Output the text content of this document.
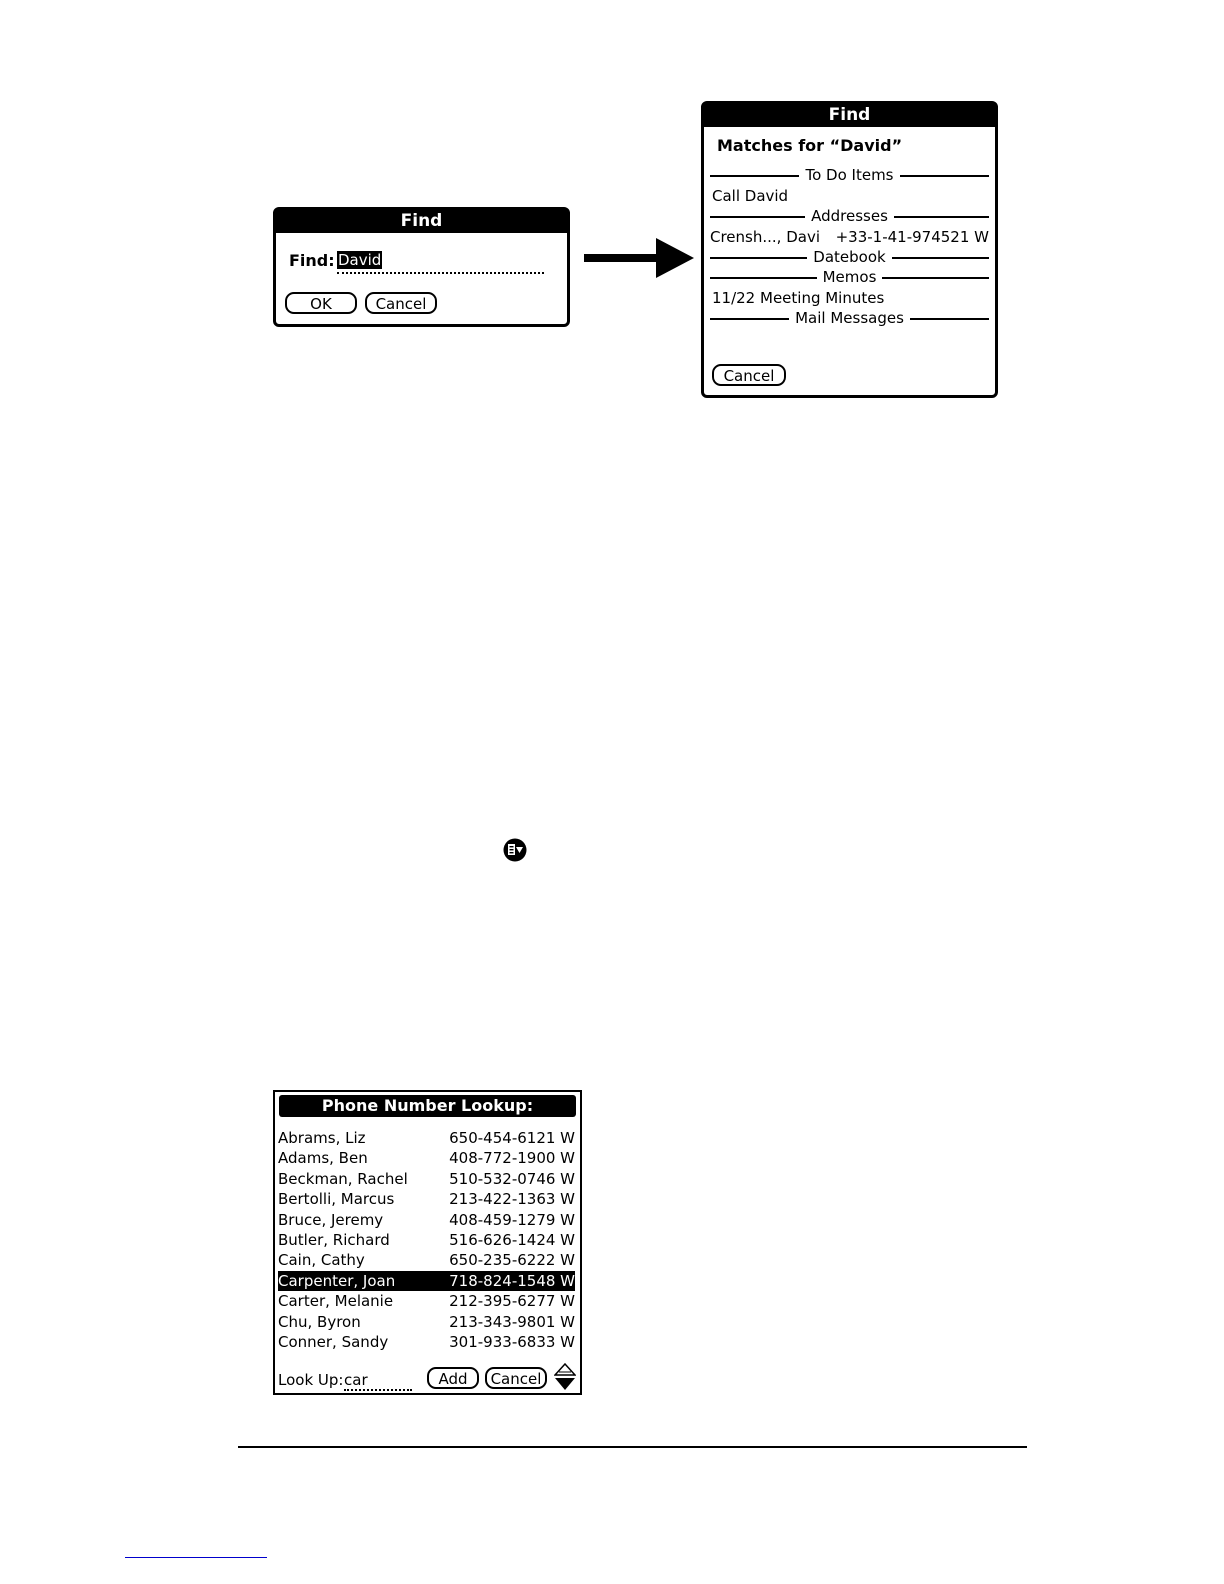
Find
Find: David
OK	Cancel
Find
Matches for “David”
To Do Items
Call David
Addresses
Crensh..., Davi +33-1-41-974521 W
Datebook
Memos
11/22 Meeting Minutes
Mail Messages
Cancel
Phone Number Lookup:
Abrams, Liz	650-454-6121 W
Adams, Ben	408-772-1900 W
Beckman, Rachel	510-532-0746 W
Bertolli, Marcus	213-422-1363 W
Bruce, Jeremy	408-459-1279 W
Butler, Richard	516-626-1424 W
Cain, Cathy	650-235-6222 W
Carpenter, Joan	718-824-1548 W
Carter, Melanie	212-395-6277 W
Chu, Byron	213-343-9801 W
Conner, Sandy	301-933-6833 W
Look Up: car	Add	Cancel
